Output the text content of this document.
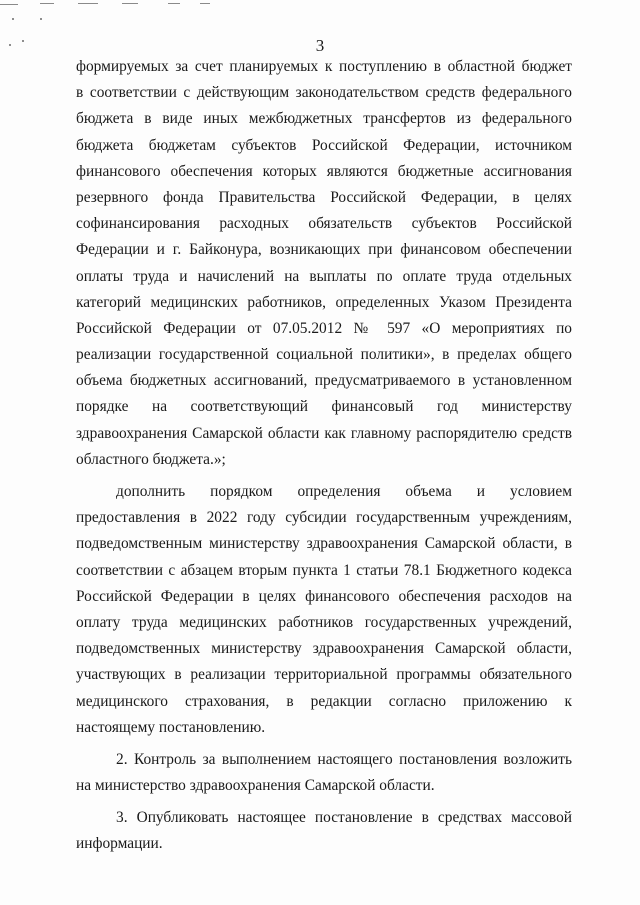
3
формируемых за счет планируемых к поступлению в областной бюджет
в соответствии с действующим законодательством средств федерального
бюджета в виде иных межбюджетных трансфертов из федерального
бюджета бюджетам субъектов Российской Федерации, источником
финансового обеспечения которых являются бюджетные ассигнования
резервного фонда Правительства Российской Федерации, в целях
софинансирования расходных обязательств субъектов Российской
Федерации и г. Байконура, возникающих при финансовом обеспечении
оплаты труда и начислений на выплаты по оплате труда отдельных
категорий медицинских работников, определенных Указом Президента
Российской Федерации от 07.05.2012 № 597 «О мероприятиях по
реализации государственной социальной политики», в пределах общего
объема бюджетных ассигнований, предусматриваемого в установленном
порядке на соответствующий финансовый год министерству
здравоохранения Самарской области как главному распорядителю средств
областного бюджета.»;
дополнить порядком определения объема и условием
предоставления в 2022 году субсидии государственным учреждениям,
подведомственным министерству здравоохранения Самарской области, в
соответствии с абзацем вторым пункта 1 статьи 78.1 Бюджетного кодекса
Российской Федерации в целях финансового обеспечения расходов на
оплату труда медицинских работников государственных учреждений,
подведомственных министерству здравоохранения Самарской области,
участвующих в реализации территориальной программы обязательного
медицинского страхования, в редакции согласно приложению к
настоящему постановлению.
2. Контроль за выполнением настоящего постановления возложить
на министерство здравоохранения Самарской области.
3. Опубликовать настоящее постановление в средствах массовой
информации.
